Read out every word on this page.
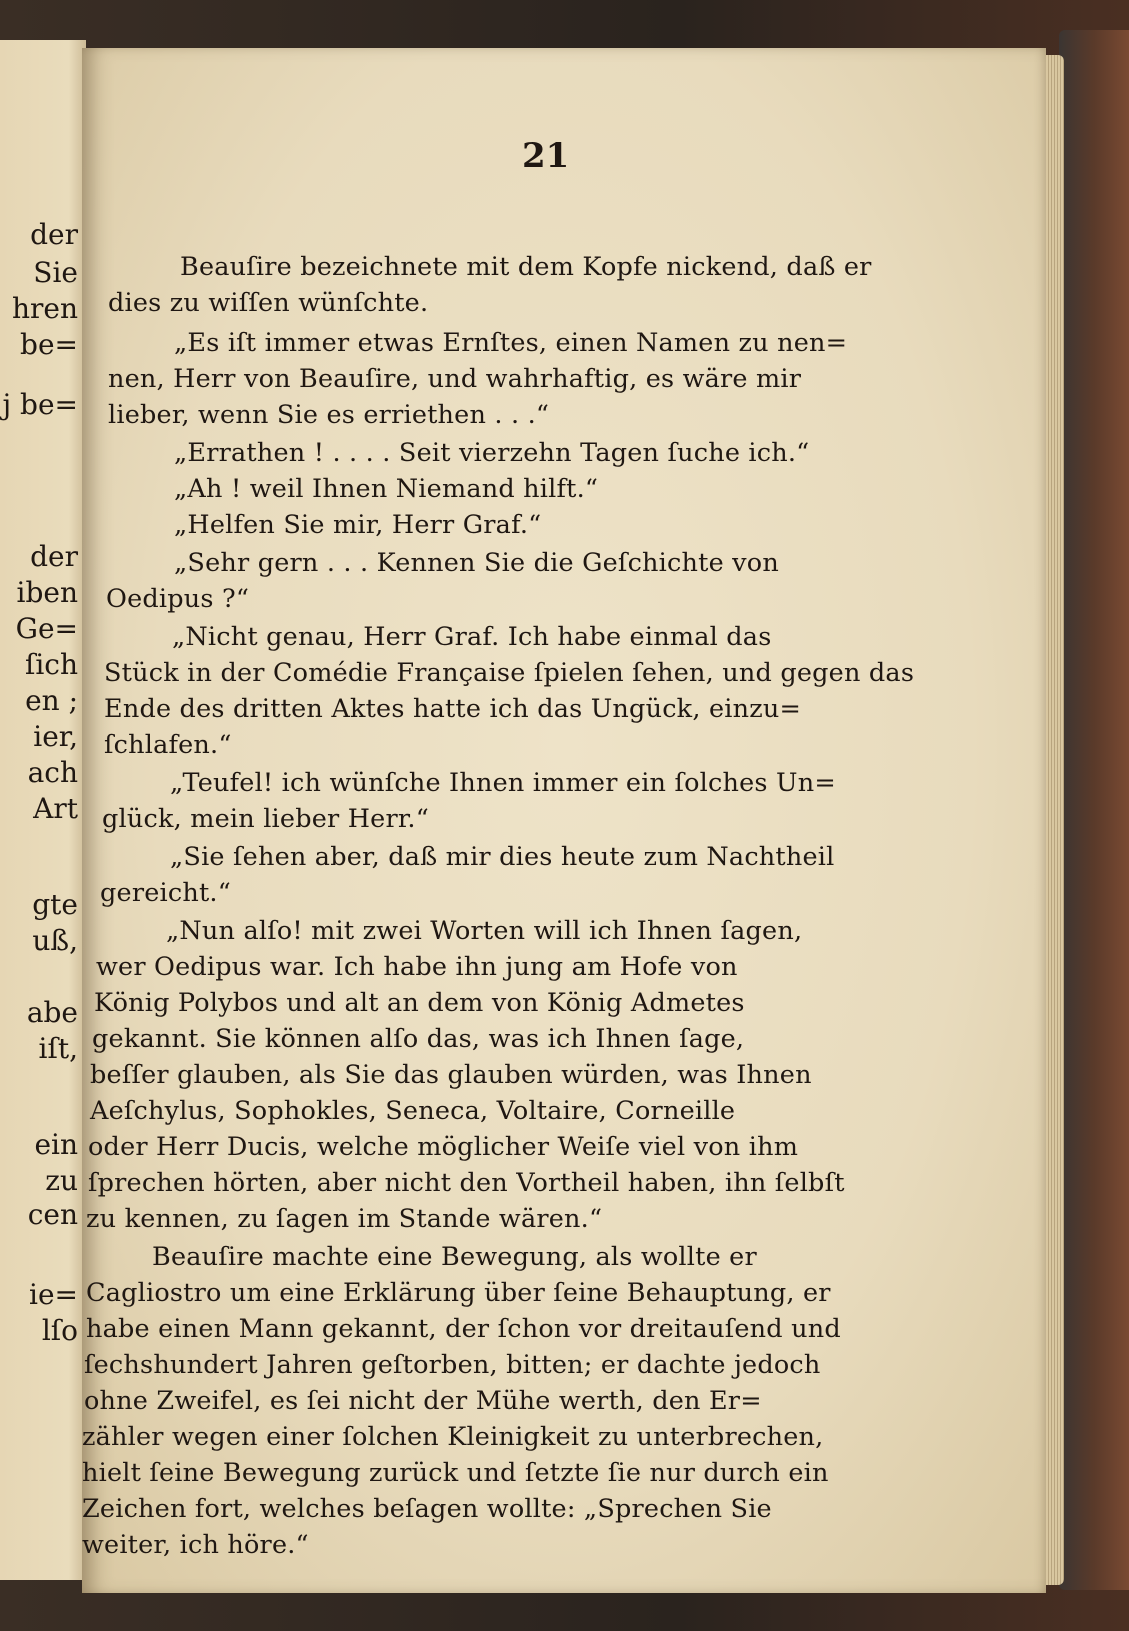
der

Sie

hren

be=

j be=

der

iben

Ge=

ſich

en ;

ier,

ach

Art

gte

uß,

abe

iſt,

ein

zu

cen

ie=

lſo

21

Beauſire bezeichnete mit dem Kopfe nickend, daß er

dies zu wiſſen wünſchte.

„Es iſt immer etwas Ernſtes, einen Namen zu nen=

nen, Herr von Beauſire, und wahrhaftig, es wäre mir

lieber, wenn Sie es erriethen . . .“

„Errathen ! . . . . Seit vierzehn Tagen ſuche ich.“

„Ah ! weil Ihnen Niemand hilft.“

„Helfen Sie mir, Herr Graf.“

„Sehr gern . . . Kennen Sie die Geſchichte von

Oedipus ?“

„Nicht genau, Herr Graf. Ich habe einmal das

Stück in der Comédie Française ſpielen ſehen, und gegen das

Ende des dritten Aktes hatte ich das Ungück, einzu=

ſchlafen.“

„Teufel! ich wünſche Ihnen immer ein ſolches Un=

glück, mein lieber Herr.“

„Sie ſehen aber, daß mir dies heute zum Nachtheil

gereicht.“

„Nun alſo! mit zwei Worten will ich Ihnen ſagen,

wer Oedipus war. Ich habe ihn jung am Hofe von

König Polybos und alt an dem von König Admetes

gekannt. Sie können alſo das, was ich Ihnen ſage,

beſſer glauben, als Sie das glauben würden, was Ihnen

Aeſchylus, Sophokles, Seneca, Voltaire, Corneille

oder Herr Ducis, welche möglicher Weiſe viel von ihm

ſprechen hörten, aber nicht den Vortheil haben, ihn ſelbſt

zu kennen, zu ſagen im Stande wären.“

Beauſire machte eine Bewegung, als wollte er

Cagliostro um eine Erklärung über ſeine Behauptung, er

habe einen Mann gekannt, der ſchon vor dreitauſend und

ſechshundert Jahren geſtorben, bitten; er dachte jedoch

ohne Zweifel, es ſei nicht der Mühe werth, den Er=

zähler wegen einer ſolchen Kleinigkeit zu unterbrechen,

hielt ſeine Bewegung zurück und ſetzte ſie nur durch ein

Zeichen fort, welches beſagen wollte: „Sprechen Sie

weiter, ich höre.“
